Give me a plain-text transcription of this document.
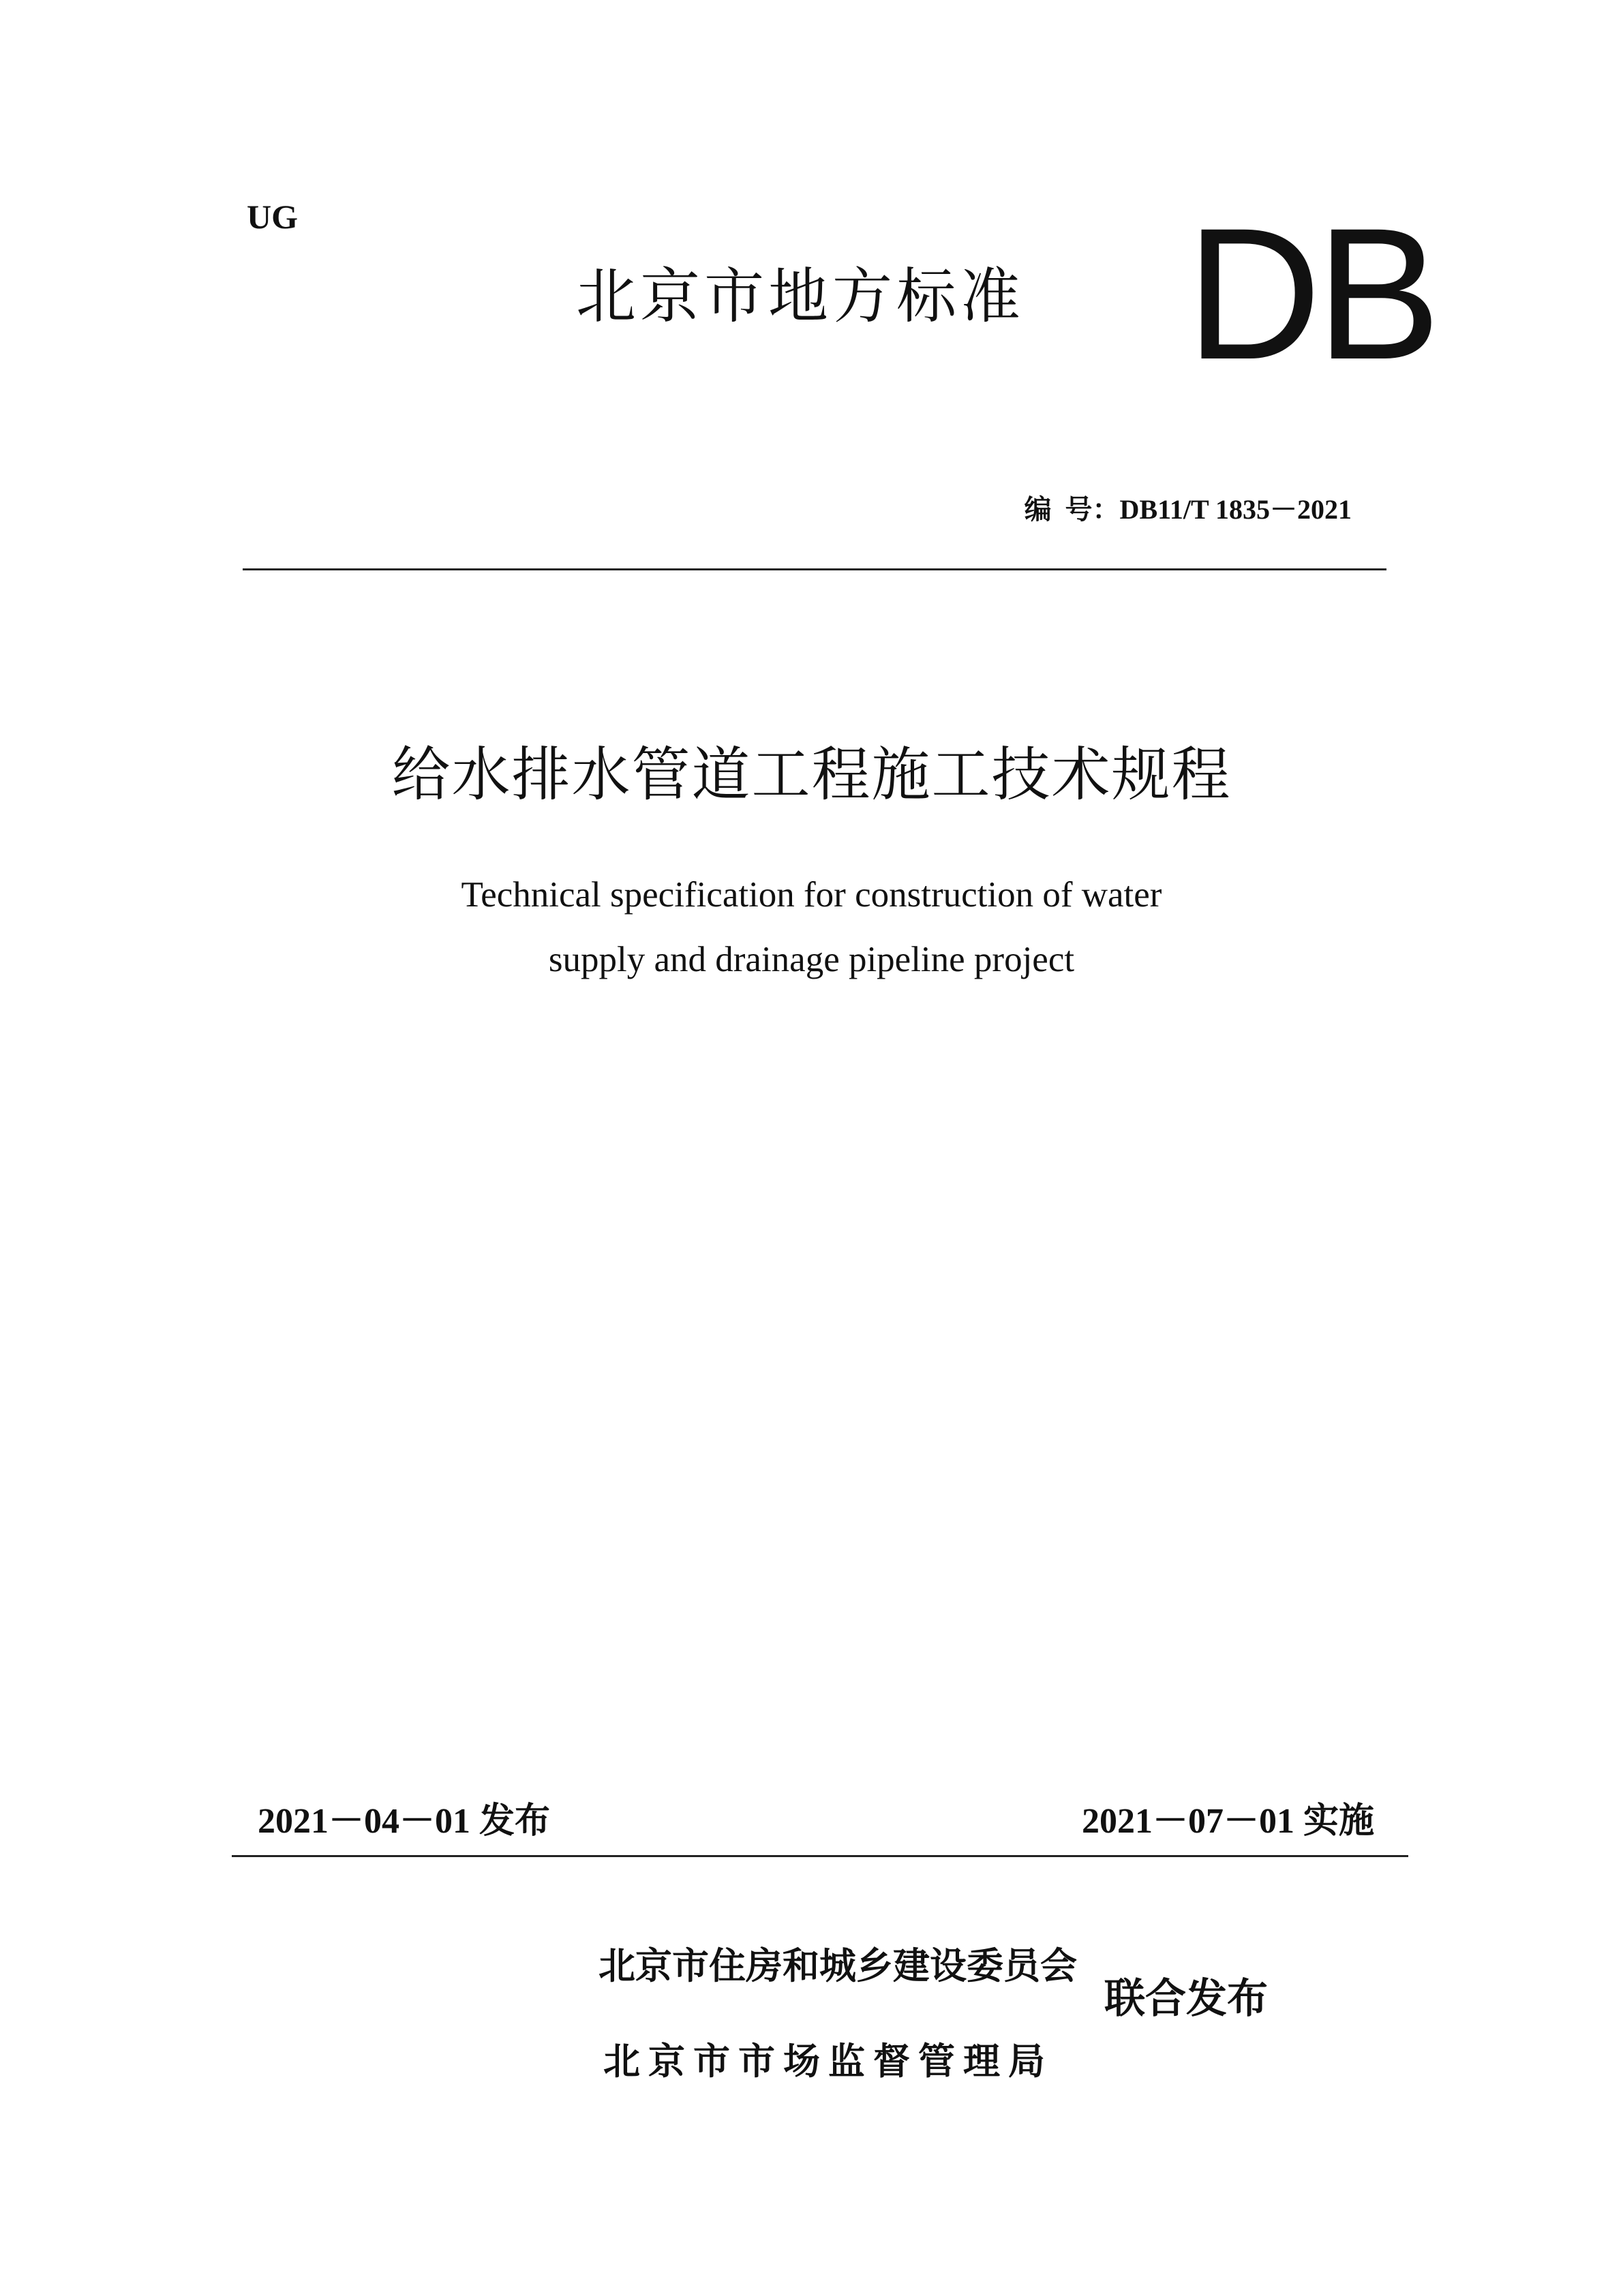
UG
北京市地方标准 DB
编  号：DB11/T 1835－2021
给水排水管道工程施工技术规程
Technical specification for construction of water
supply and drainage pipeline project
2021－04－01 发布	2021－07－01 实施
北京市住房和城乡建设委员会
北京市市场监督管理局
联合发布
